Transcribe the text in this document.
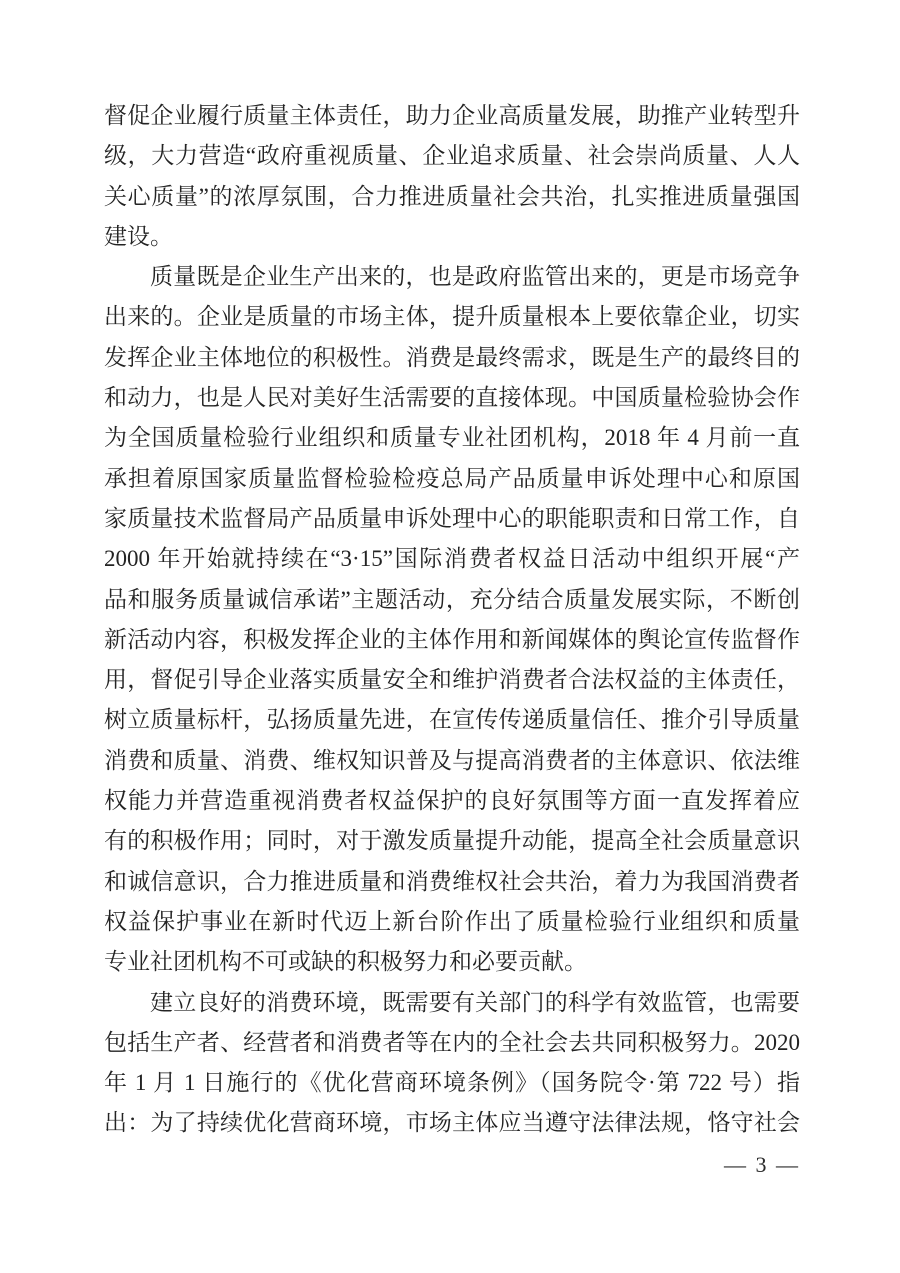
督促企业履行质量主体责任，助力企业高质量发展，助推产业转型升
级，大力营造“政府重视质量、企业追求质量、社会崇尚质量、人人
关心质量”的浓厚氛围，合力推进质量社会共治，扎实推进质量强国
建设。

质量既是企业生产出来的，也是政府监管出来的，更是市场竞争
出来的。企业是质量的市场主体，提升质量根本上要依靠企业，切实
发挥企业主体地位的积极性。消费是最终需求，既是生产的最终目的
和动力，也是人民对美好生活需要的直接体现。中国质量检验协会作
为全国质量检验行业组织和质量专业社团机构，2018 年 4 月前一直
承担着原国家质量监督检验检疫总局产品质量申诉处理中心和原国
家质量技术监督局产品质量申诉处理中心的职能职责和日常工作，自
2000 年开始就持续在“3·15”国际消费者权益日活动中组织开展“产
品和服务质量诚信承诺”主题活动，充分结合质量发展实际，不断创
新活动内容，积极发挥企业的主体作用和新闻媒体的舆论宣传监督作
用，督促引导企业落实质量安全和维护消费者合法权益的主体责任，
树立质量标杆，弘扬质量先进，在宣传传递质量信任、推介引导质量
消费和质量、消费、维权知识普及与提高消费者的主体意识、依法维
权能力并营造重视消费者权益保护的良好氛围等方面一直发挥着应
有的积极作用；同时，对于激发质量提升动能，提高全社会质量意识
和诚信意识，合力推进质量和消费维权社会共治，着力为我国消费者
权益保护事业在新时代迈上新台阶作出了质量检验行业组织和质量
专业社团机构不可或缺的积极努力和必要贡献。

建立良好的消费环境，既需要有关部门的科学有效监管，也需要
包括生产者、经营者和消费者等在内的全社会去共同积极努力。2020
年 1 月 1 日施行的《优化营商环境条例》（国务院令·第 722 号）指
出：为了持续优化营商环境，市场主体应当遵守法律法规，恪守社会

— 3 —
